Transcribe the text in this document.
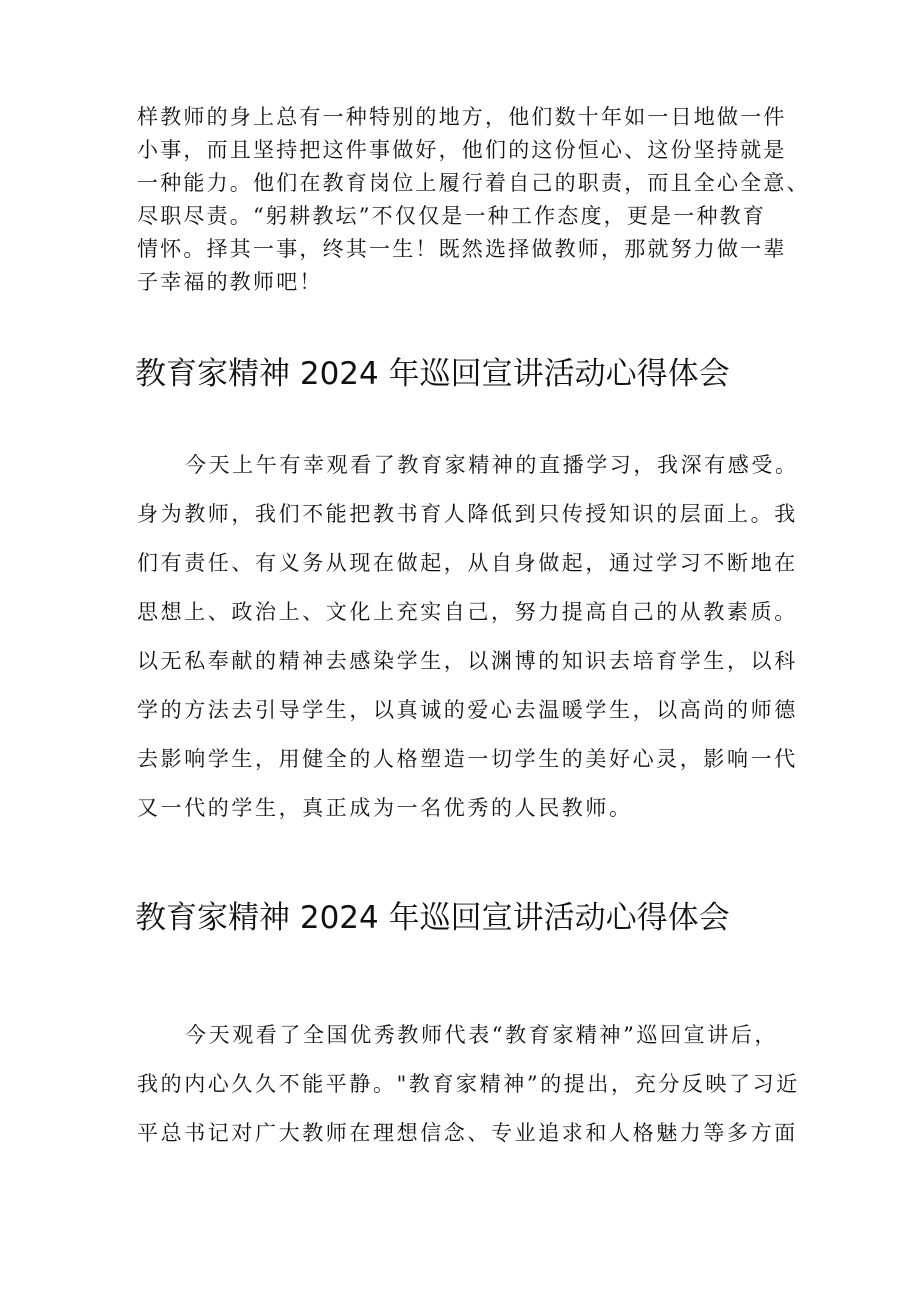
样教师的身上总有一种特别的地方，他们数十年如一日地做一件
小事，而且坚持把这件事做好，他们的这份恒心、这份坚持就是
一种能力。他们在教育岗位上履行着自己的职责，而且全心全意、
尽职尽责。“躬耕教坛”不仅仅是一种工作态度，更是一种教育
情怀。择其一事，终其一生！既然选择做教师，那就努力做一辈
子幸福的教师吧！

教育家精神 2024 年巡回宣讲活动心得体会

今天上午有幸观看了教育家精神的直播学习，我深有感受。
身为教师，我们不能把教书育人降低到只传授知识的层面上。我
们有责任、有义务从现在做起，从自身做起，通过学习不断地在
思想上、政治上、文化上充实自己，努力提高自己的从教素质。
以无私奉献的精神去感染学生，以渊博的知识去培育学生，以科
学的方法去引导学生，以真诚的爱心去温暖学生，以高尚的师德
去影响学生，用健全的人格塑造一切学生的美好心灵，影响一代
又一代的学生，真正成为一名优秀的人民教师。

教育家精神 2024 年巡回宣讲活动心得体会

今天观看了全国优秀教师代表“教育家精神”巡回宣讲后，
我的内心久久不能平静。"教育家精神”的提出，充分反映了习近
平总书记对广大教师在理想信念、专业追求和人格魅力等多方面
